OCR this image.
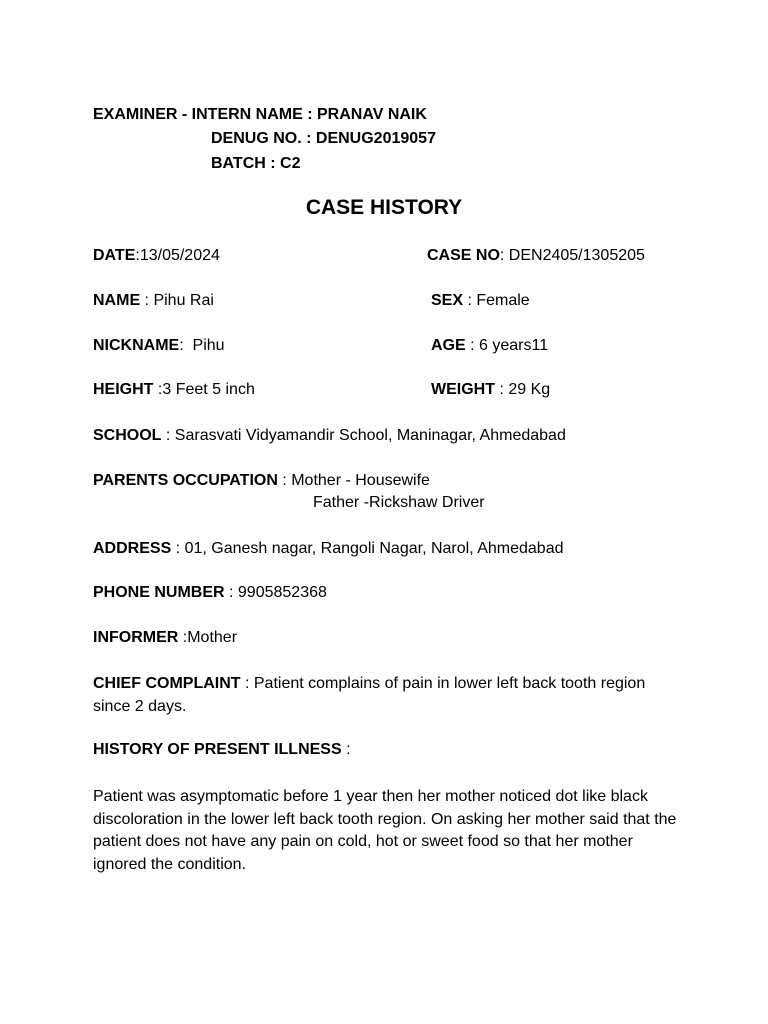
EXAMINER - INTERN NAME : PRANAV NAIK
DENUG NO. : DENUG2019057
BATCH : C2
CASE HISTORY
DATE:13/05/2024	CASE NO: DEN2405/1305205
NAME : Pihu Rai	SEX : Female
NICKNAME:  Pihu	AGE : 6 years11
HEIGHT :3 Feet 5 inch	WEIGHT : 29 Kg
SCHOOL : Sarasvati Vidyamandir School, Maninagar, Ahmedabad
PARENTS OCCUPATION : Mother - Housewife
Father -Rickshaw Driver
ADDRESS : 01, Ganesh nagar, Rangoli Nagar, Narol, Ahmedabad
PHONE NUMBER : 9905852368
INFORMER :Mother
CHIEF COMPLAINT : Patient complains of pain in lower left back tooth region since 2 days.
HISTORY OF PRESENT ILLNESS :
Patient was asymptomatic before 1 year then her mother noticed dot like black discoloration in the lower left back tooth region. On asking her mother said that the patient does not have any pain on cold, hot or sweet food so that her mother ignored the condition.
